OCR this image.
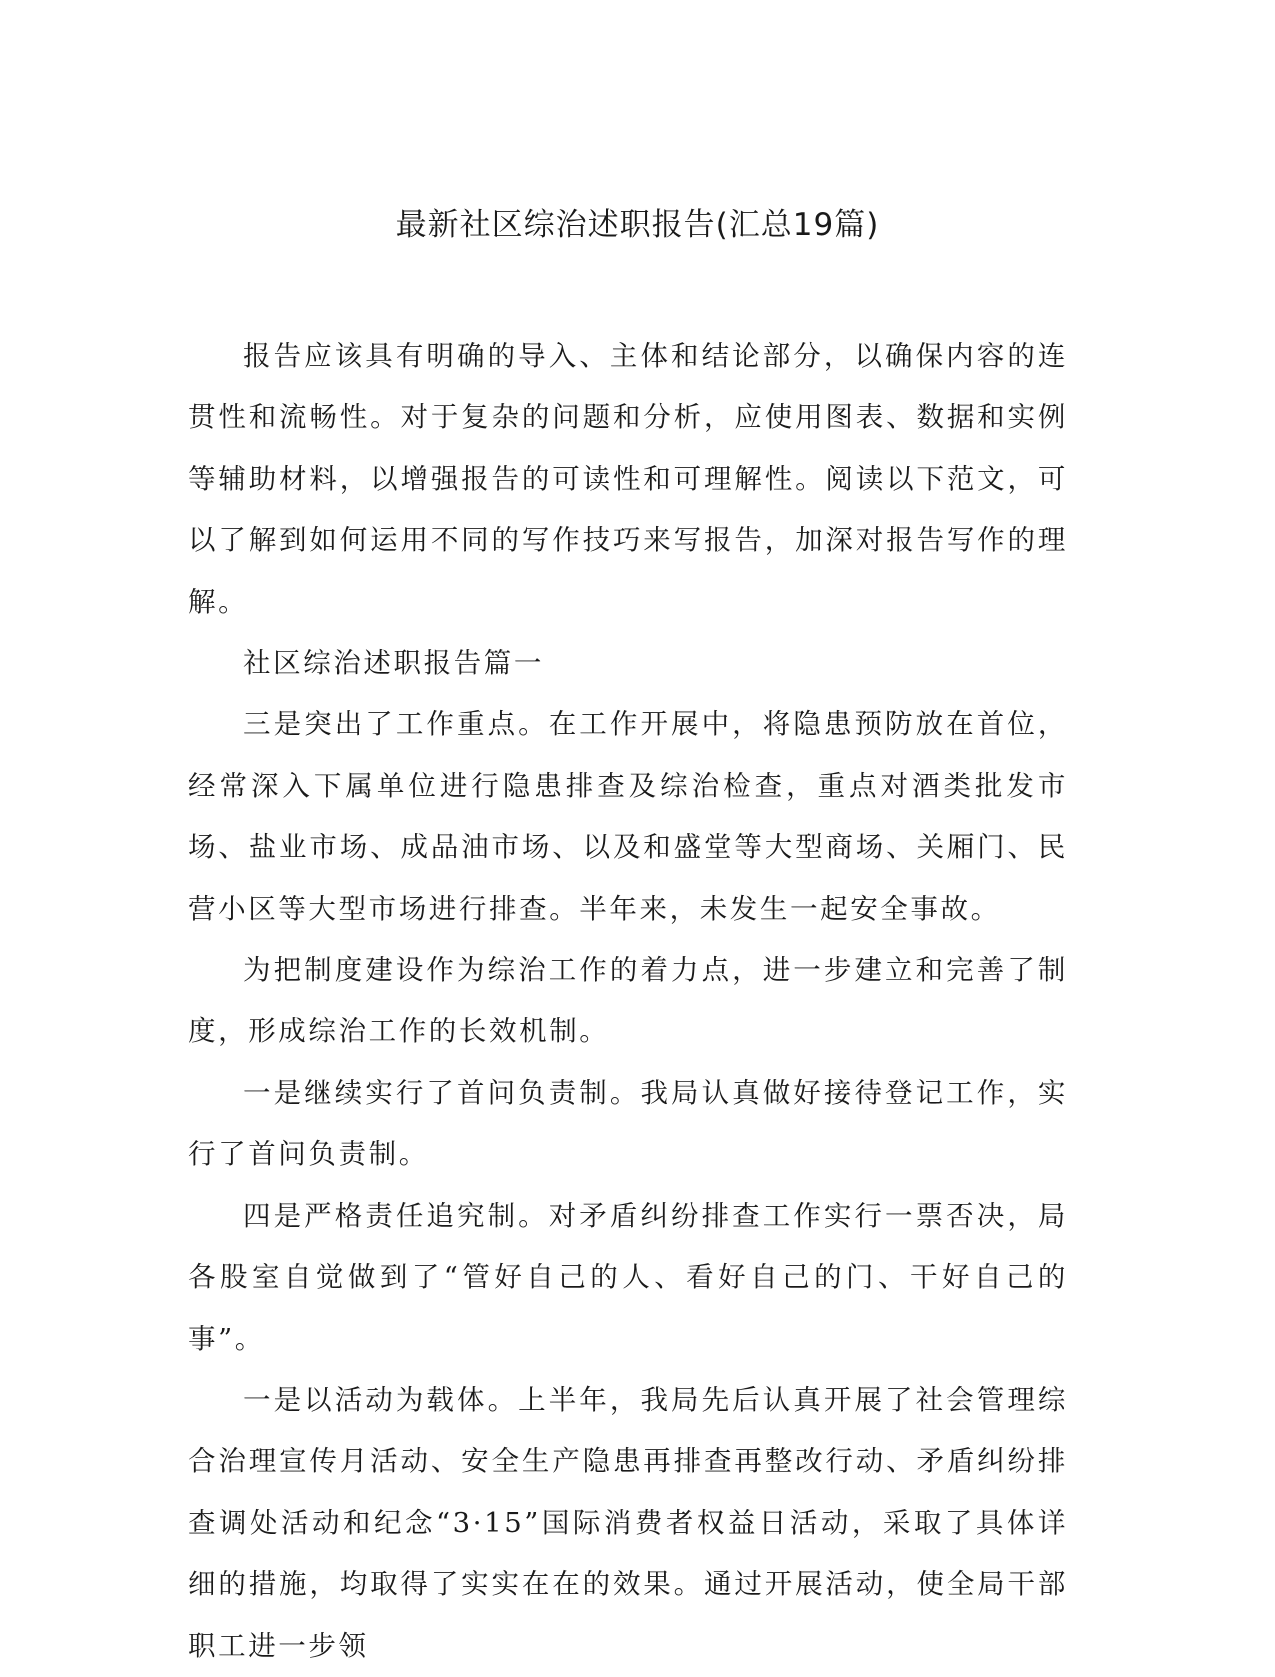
最新社区综治述职报告(汇总19篇)

报告应该具有明确的导入、主体和结论部分，以确保内容的连贯性和流畅性。对于复杂的问题和分析，应使用图表、数据和实例等辅助材料，以增强报告的可读性和可理解性。阅读以下范文，可以了解到如何运用不同的写作技巧来写报告，加深对报告写作的理解。

社区综治述职报告篇一

三是突出了工作重点。在工作开展中，将隐患预防放在首位，经常深入下属单位进行隐患排查及综治检查，重点对酒类批发市场、盐业市场、成品油市场、以及和盛堂等大型商场、关厢门、民营小区等大型市场进行排查。半年来，未发生一起安全事故。

为把制度建设作为综治工作的着力点，进一步建立和完善了制度，形成综治工作的长效机制。

一是继续实行了首问负责制。我局认真做好接待登记工作，实行了首问负责制。

四是严格责任追究制。对矛盾纠纷排查工作实行一票否决，局各股室自觉做到了“管好自己的人、看好自己的门、干好自己的事”。

一是以活动为载体。上半年，我局先后认真开展了社会管理综合治理宣传月活动、安全生产隐患再排查再整改行动、矛盾纠纷排查调处活动和纪念“3·15”国际消费者权益日活动，采取了具体详细的措施，均取得了实实在在的效果。通过开展活动，使全局干部职工进一步领
